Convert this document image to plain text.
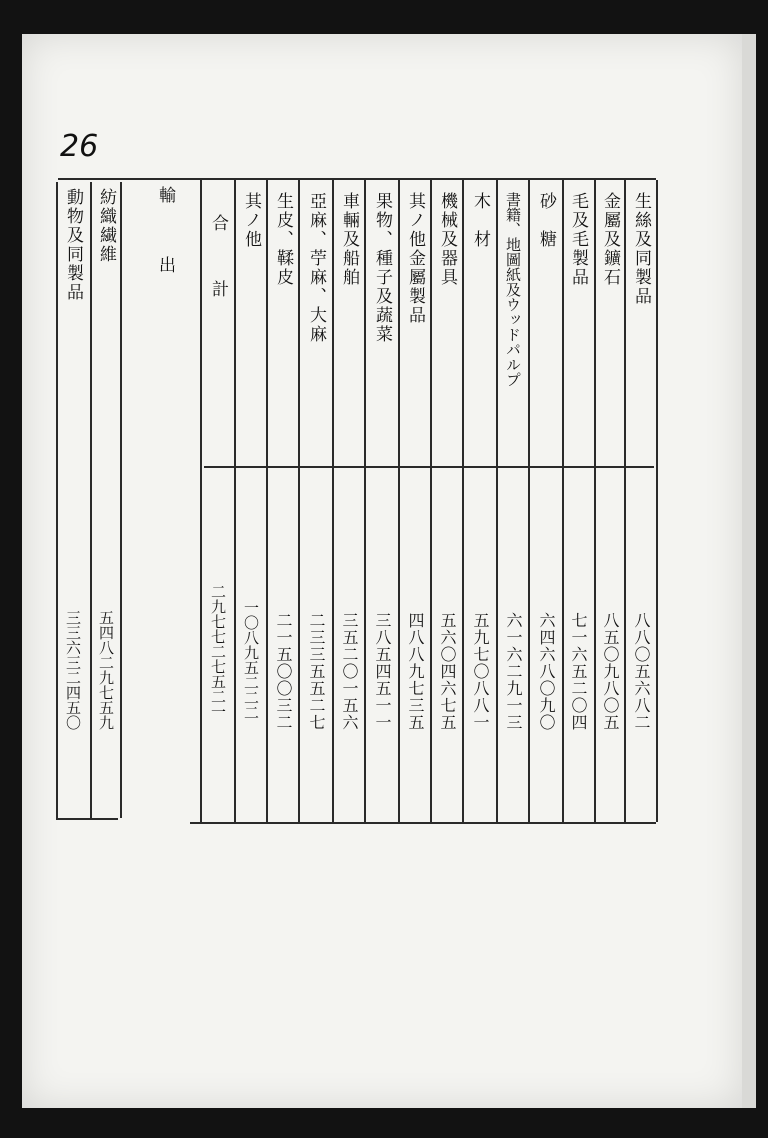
26
生絲及同製品
八八〇五六八二
金屬及鑛石
八五〇九八〇五
毛及毛製品
七一六五二〇四
砂　糖
六四六八〇九〇
書籍、地圖紙及ウッドパルプ
六一六二九一三
木　材
五九七〇八八一
機械及器具
五六〇四六七五
其ノ他金屬製品
四八八九七三五
果物、種子及蔬菜
三八五四五一一
車輛及船舶
三五二〇一五六
亞麻、苧麻、大麻
二三三五五二七
生皮、鞣皮
二一五〇〇三二
其ノ他
一〇八九五二二二
合　計
二九七七二七五二一
輸　出
紡織繊維
五四八二九七五九
動物及同製品
三三六三二四五〇
